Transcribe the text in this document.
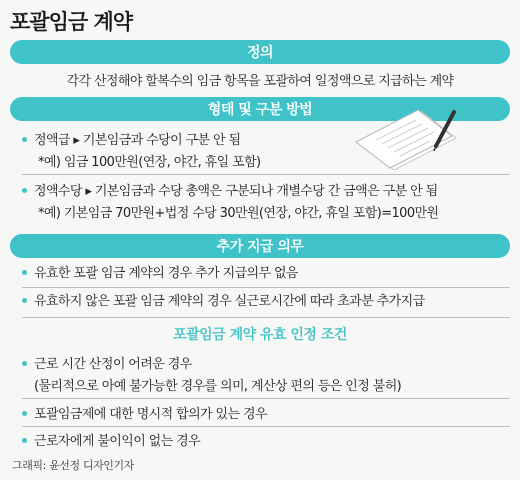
포괄임금 계약
정의
각각 산정해야 할복수의 임금 항목을 포괄하여 일정액으로 지급하는 계약
형태 및 구분 방법
정액급 ▸ 기본임금과 수당이 구분 안 됨
*예) 임금 100만원(연장, 야간, 휴일 포함)
정액수당 ▸ 기본임금과 수당 총액은 구분되나 개별수당 간 금액은 구분 안 됨
*예) 기본임금 70만원+법정 수당 30만원(연장, 야간, 휴일 포함)=100만원
추가 지급 의무
유효한 포괄 임금 계약의 경우 추가 지급의무 없음
유효하지 않은 포괄 임금 계약의 경우 실근로시간에 따라 초과분 추가지급
포괄임금 계약 유효 인정 조건
근로 시간 산정이 어려운 경우
(물리적으로 아예 불가능한 경우를 의미, 계산상 편의 등은 인정 불허)
포괄임금제에 대한 명시적 합의가 있는 경우
근로자에게 불이익이 없는 경우
그래픽: 윤선정 디자인기자
